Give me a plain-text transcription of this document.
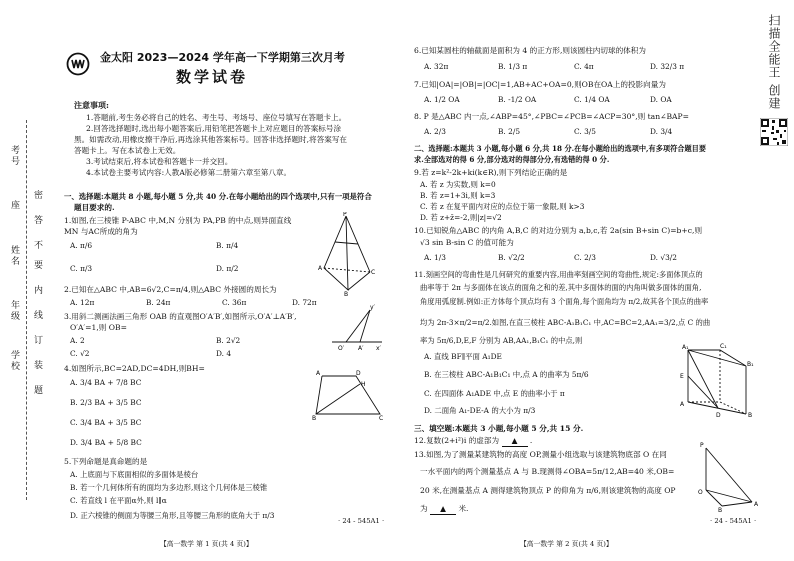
考号
座
姓名
年级
学校
不
要
内
线
订
装
密
答
题
金太阳 2023—2024 学年高一下学期第三次月考
数学试卷
注意事项:
1.答题前,考生务必将自己的姓名、考生号、考场号、座位号填写在答题卡上。
2.回答选择题时,选出每小题答案后,用铅笔把答题卡上对应题目的答案标号涂
黑。如需改动,用橡皮擦干净后,再选涂其他答案标号。回答非选择题时,将答案写在
答题卡上。写在本试卷上无效。
3.考试结束后,将本试卷和答题卡一并交回。
4.本试卷主要考试内容:人教A版必修第二册第六章至第八章。
一、选择题:本题共 8 小题,每小题 5 分,共 40 分.在每小题给出的四个选项中,只有一项是符合
题目要求的.
1.如图,在三棱锥 P-ABC 中,M,N 分别为 PA,PB 的中点,则异面直线
MN 与AC所成的角为
A. π/6	B. π/4
C. π/3	D. π/2
P
A
B
C
2.已知在△ABC 中,AB=6√2,C=π/4,则△ABC 外接圆的周长为
A. 12π	B. 24π	C. 36π	D. 72π
3.用斜二测画法画三角形 OAB 的直观图O′A′B′,如图所示,O′A′⊥A′B′,
O′A′=1,则 OB=
A. 2	B. 2√2
C. √2	D. 4
y′
O′ A′ x′
4.如图所示,BC=2AD,DC=4DH,则BH=
A. 3/4 BA + 7/8 BC
B. 2/3 BA + 3/5 BC
C. 3/4 BA + 3/5 BC
D. 3/4 BA + 5/8 BC
A	D
H
B	C
5.下列命题是真命题的是
A. 上底面与下底面相似的多面体是棱台
B. 若一个几何体所有的面均为多边形,则这个几何体是三棱锥
C. 若直线 l 在平面α外,则 l∥α
D. 正六棱锥的侧面为等腰三角形,且等腰三角形的底角大于 π/3
【高一数学 第 1 页(共 4 页)】
· 24 - 545A1 ·
6.已知某圆柱的轴截面是面积为 4 的正方形,则该圆柱内切球的体积为
A. 32π	B. 1/3 π	C. 4π	D. 32/3 π
7.已知|OA|=|OB|=|OC|=1,AB+AC+OA=0,则OB在OA上的投影向量为
A. 1/2 OA	B. -1/2 OA	C. 1/4 OA	D. OA
8. P 是△ABC 内一点,∠ABP=45°,∠PBC=∠PCB=∠ACP=30°,则 tan∠BAP=
A. 2/3	B. 2/5	C. 3/5	D. 3/4
二、选择题:本题共 3 小题,每小题 6 分,共 18 分.在每小题给出的选项中,有多项符合题目要
求.全部选对的得 6 分,部分选对的得部分分,有选错的得 0 分.
9.若 z=k²-2k+ki(k∈R),则下列结论正确的是
A. 若 z 为实数,则 k=0
B. 若 z=1+3i,则 k=3
C. 若 z 在复平面内对应的点位于第一象限,则 k>3
D. 若 z+z̄=-2,则|z|=√2
10.已知锐角△ABC 的内角 A,B,C 的对边分别为 a,b,c,若 2a(sin B+sin C)=b+c,则
√3 sin B-sin C 的值可能为
A. 1/3	B. √2/2	C. 2/3	D. √3/2
11.刻画空间的弯曲性是几何研究的重要内容,用曲率刻画空间的弯曲性,规定:多面体顶点的
曲率等于 2π 与多面体在该点的面角之和的差,其中多面体的面的内角叫做多面体的面角,
角度用弧度制.例如:正方体每个顶点均有 3 个面角,每个面角均为 π/2,故其各个顶点的曲率
均为 2π-3×π/2=π/2.如图,在直三棱柱 ABC-A₁B₁C₁ 中,AC=BC=2,AA₁=3/2,点 C 的曲
率为 5π/6,D,E,F 分别为 AB,AA₁,B₁C₁ 的中点,则
A. 直线 BF∥平面 A₁DE
B. 在三棱柱 ABC-A₁B₁C₁ 中,点 A 的曲率为 5π/6
C. 在四面体 A₁ADE 中,点 E 的曲率小于 π
D. 二面角 A₁-DE-A 的大小为 π/3
A₁	C₁
B₁
E
A
D	B
三、填空题:本题共 3 小题,每小题 5 分,共 15 分.
12.复数(2+i²)i 的虚部为 ▲ .
13.如图,为了测量某建筑物的高度 OP,测量小组选取与该建筑物底部 O 在同
一水平面内的两个测量基点 A 与 B.现测得∠OBA=5π/12,AB=40 米,OB=
20 米,在测量基点 A 测得建筑物顶点 P 的仰角为 π/6,则该建筑物的高度 OP
为 ▲ 米.
P
O
B
A
【高一数学 第 2 页(共 4 页)】
· 24 - 545A1 ·
扫描全能王 创建
